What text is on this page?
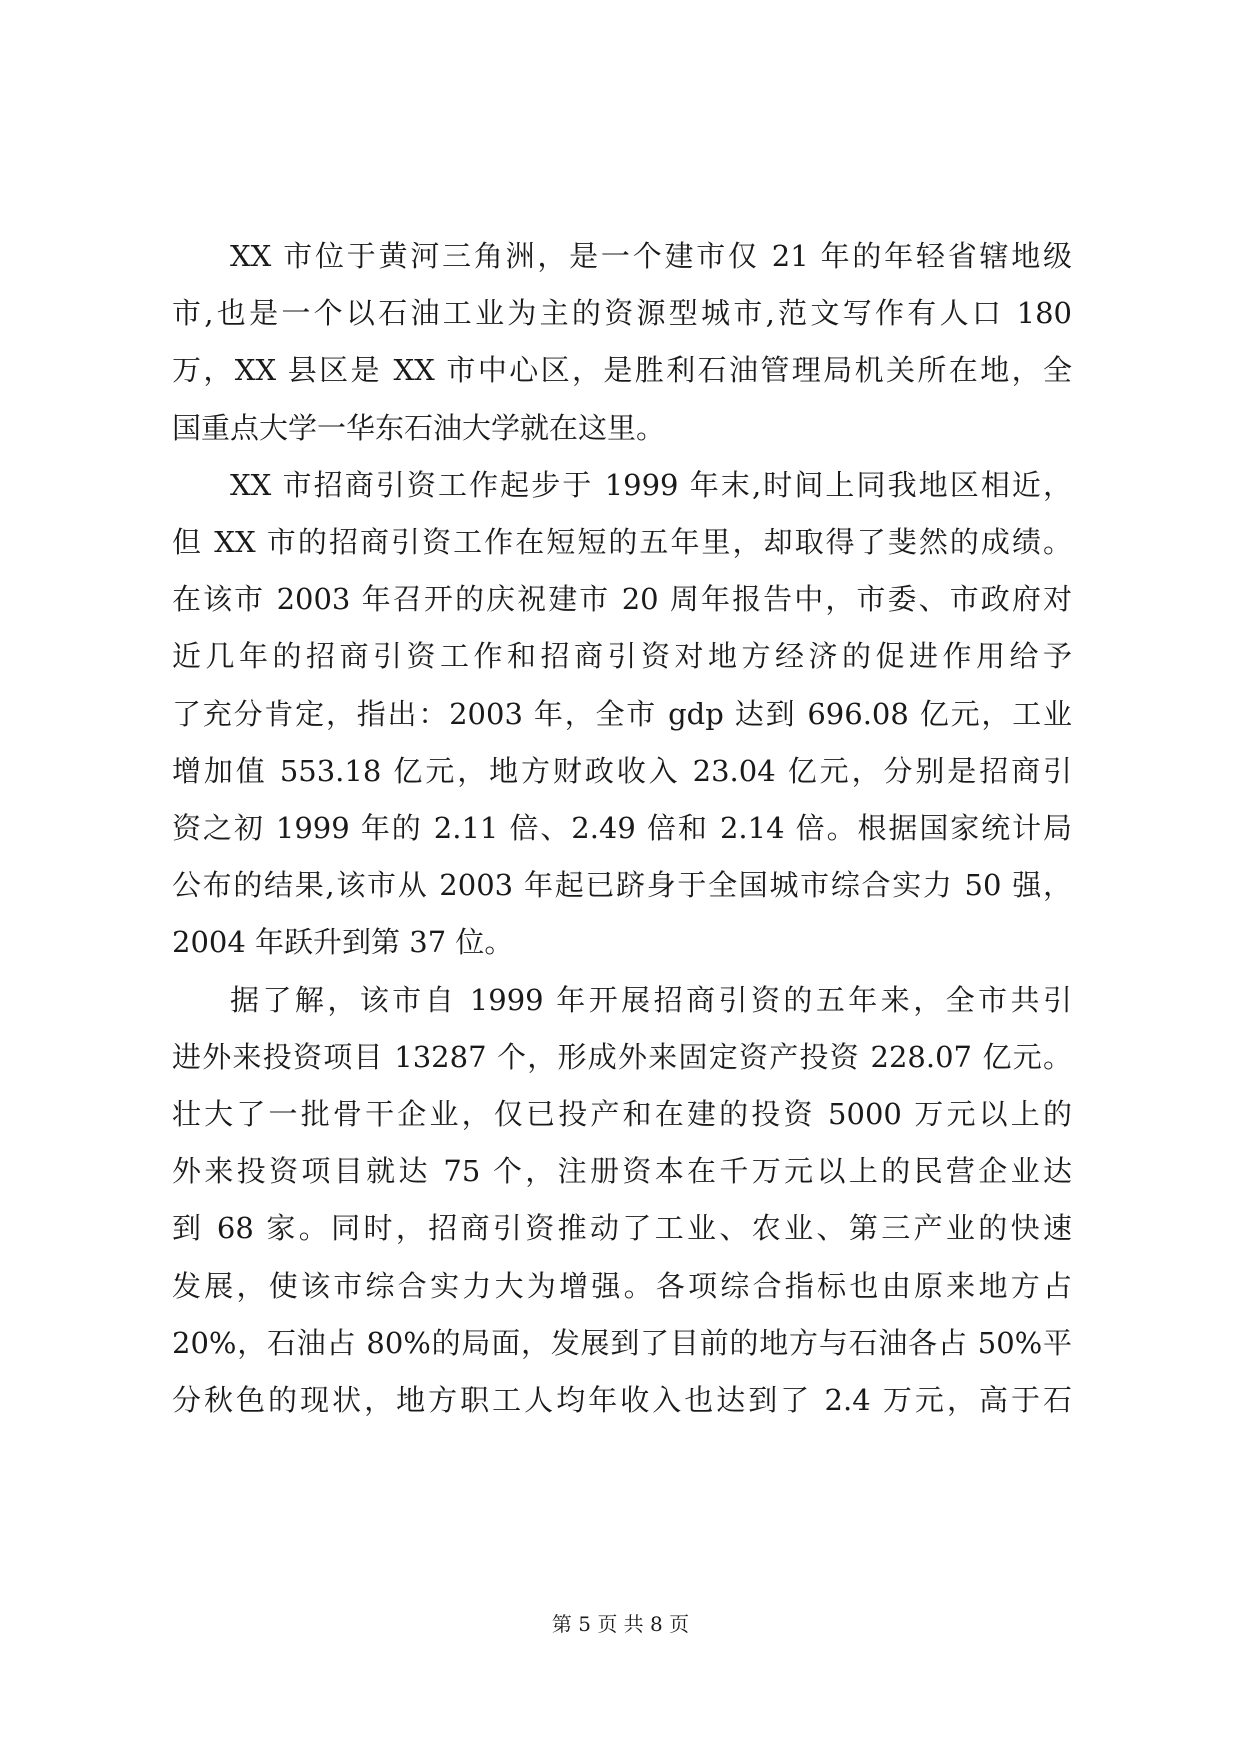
XX 市位于黄河三角洲，是一个建市仅 21 年的年轻省辖地级
市,也是一个以石油工业为主的资源型城市,范文写作有人口 180
万，XX 县区是 XX 市中心区，是胜利石油管理局机关所在地，全
国重点大学一华东石油大学就在这里。
XX 市招商引资工作起步于 1999 年末,时间上同我地区相近，
但 XX 市的招商引资工作在短短的五年里，却取得了斐然的成绩。
在该市 2003 年召开的庆祝建市 20 周年报告中，市委、市政府对
近几年的招商引资工作和招商引资对地方经济的促进作用给予
了充分肯定，指出：2003 年，全市 gdp 达到 696.08 亿元，工业
增加值 553.18 亿元，地方财政收入 23.04 亿元，分别是招商引
资之初 1999 年的 2.11 倍、2.49 倍和 2.14 倍。根据国家统计局
公布的结果,该市从 2003 年起已跻身于全国城市综合实力 50 强，
2004 年跃升到第 37 位。
据了解，该市自 1999 年开展招商引资的五年来，全市共引
进外来投资项目 13287 个，形成外来固定资产投资 228.07 亿元。
壮大了一批骨干企业，仅已投产和在建的投资 5000 万元以上的
外来投资项目就达 75 个，注册资本在千万元以上的民营企业达
到 68 家。同时，招商引资推动了工业、农业、第三产业的快速
发展，使该市综合实力大为增强。各项综合指标也由原来地方占
20%，石油占 80%的局面，发展到了目前的地方与石油各占 50%平
分秋色的现状，地方职工人均年收入也达到了 2.4 万元，高于石
第 5 页 共 8 页
